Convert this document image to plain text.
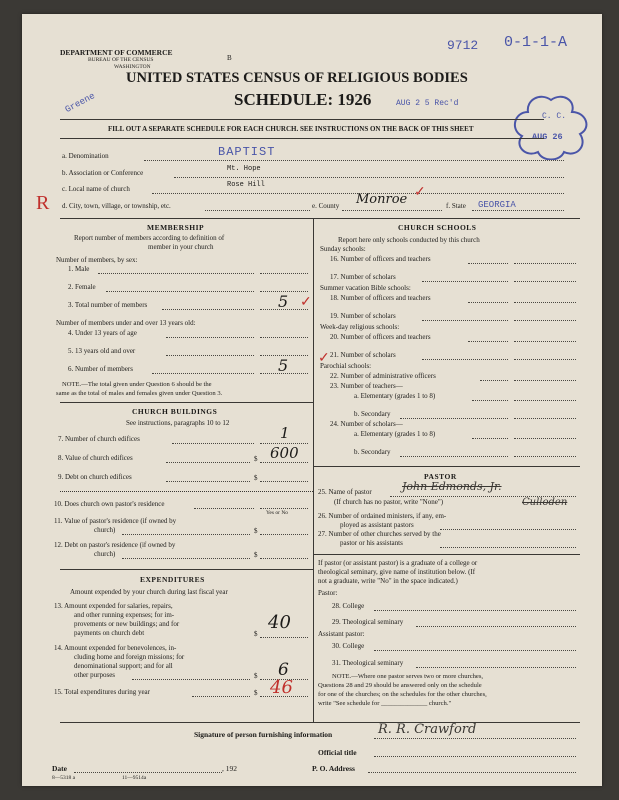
DEPARTMENT OF COMMERCE
BUREAU OF THE CENSUS
WASHINGTON
B
9712 0-1-1-A
UNITED STATES CENSUS OF RELIGIOUS BODIES
SCHEDULE: 1926	AUG 2 5 Rec'd
Greene
C. C.
AUG 26
FILL OUT A SEPARATE SCHEDULE FOR EACH CHURCH. SEE INSTRUCTIONS ON THE BACK OF THIS SHEET
a. Denomination	BAPTIST
b. Association or Conference	Mt. Hope
c. Local name of church	Rose Hill
R d. City, town, village, or township, etc.	e. County Monroe ✓
f. State GEORGIA
MEMBERSHIP
Report number of members according to definition of
member in your church
Number of members, by sex:
1. Male
2. Female
3. Total number of members	5 ✓
Number of members under and over 13 years old:
4. Under 13 years of age
5. 13 years old and over
6. Number of members	5 ✓
NOTE.—The total given under Question 6 should be the
same as the total of males and females given under Question 3.
CHURCH BUILDINGS
See instructions, paragraphs 10 to 12
7. Number of church edifices	1
8. Value of church edifices	$ 600
9. Debt on church edifices	$
10. Does church own pastor's residence
Yes or No
11. Value of pastor's residence (if owned by
church)	$
12. Debt on pastor's residence (if owned by
church)	$
EXPENDITURES
Amount expended by your church during last fiscal year
13. Amount expended for salaries, repairs,
and other running expenses; for im-
provements or new buildings; and for
payments on church debt	$
40
14. Amount expended for benevolences, in-
cluding home and foreign missions; for
denominational support; and for all
other purposes	$ 6
15. Total expenditures during year	$ 46
CHURCH SCHOOLS
Report here only schools conducted by this church
Sunday schools:
16. Number of officers and teachers
17. Number of scholars
Summer vacation Bible schools:
18. Number of officers and teachers
19. Number of scholars
Week-day religious schools:
20. Number of officers and teachers
21. Number of scholars
Parochial schools:
22. Number of administrative officers
23. Number of teachers—
a. Elementary (grades 1 to 8)
b. Secondary
24. Number of scholars—
a. Elementary (grades 1 to 8)
b. Secondary
PASTOR
25. Name of pastor	John Edmonds, Jr.
(If church has no pastor, write "None")	Culloden
26. Number of ordained ministers, if any, em-
ployed as assistant pastors
27. Number of other churches served by the
pastor or his assistants
If pastor (or assistant pastor) is a graduate of a college or
theological seminary, give name of institution below. (If
not a graduate, write "No" in the space indicated.)
Pastor:
28. College
29. Theological seminary
Assistant pastor:
30. College
31. Theological seminary
NOTE.—Where one pastor serves two or more churches,
Questions 28 and 29 should be answered only on the schedule
for one of the churches; on the schedules for the other churches,
write "See schedule for ______________ church."
Signature of person furnishing information	R. R. Crawford
Official title
Date	, 192	P. O. Address
8—5318 a	11—9514a
